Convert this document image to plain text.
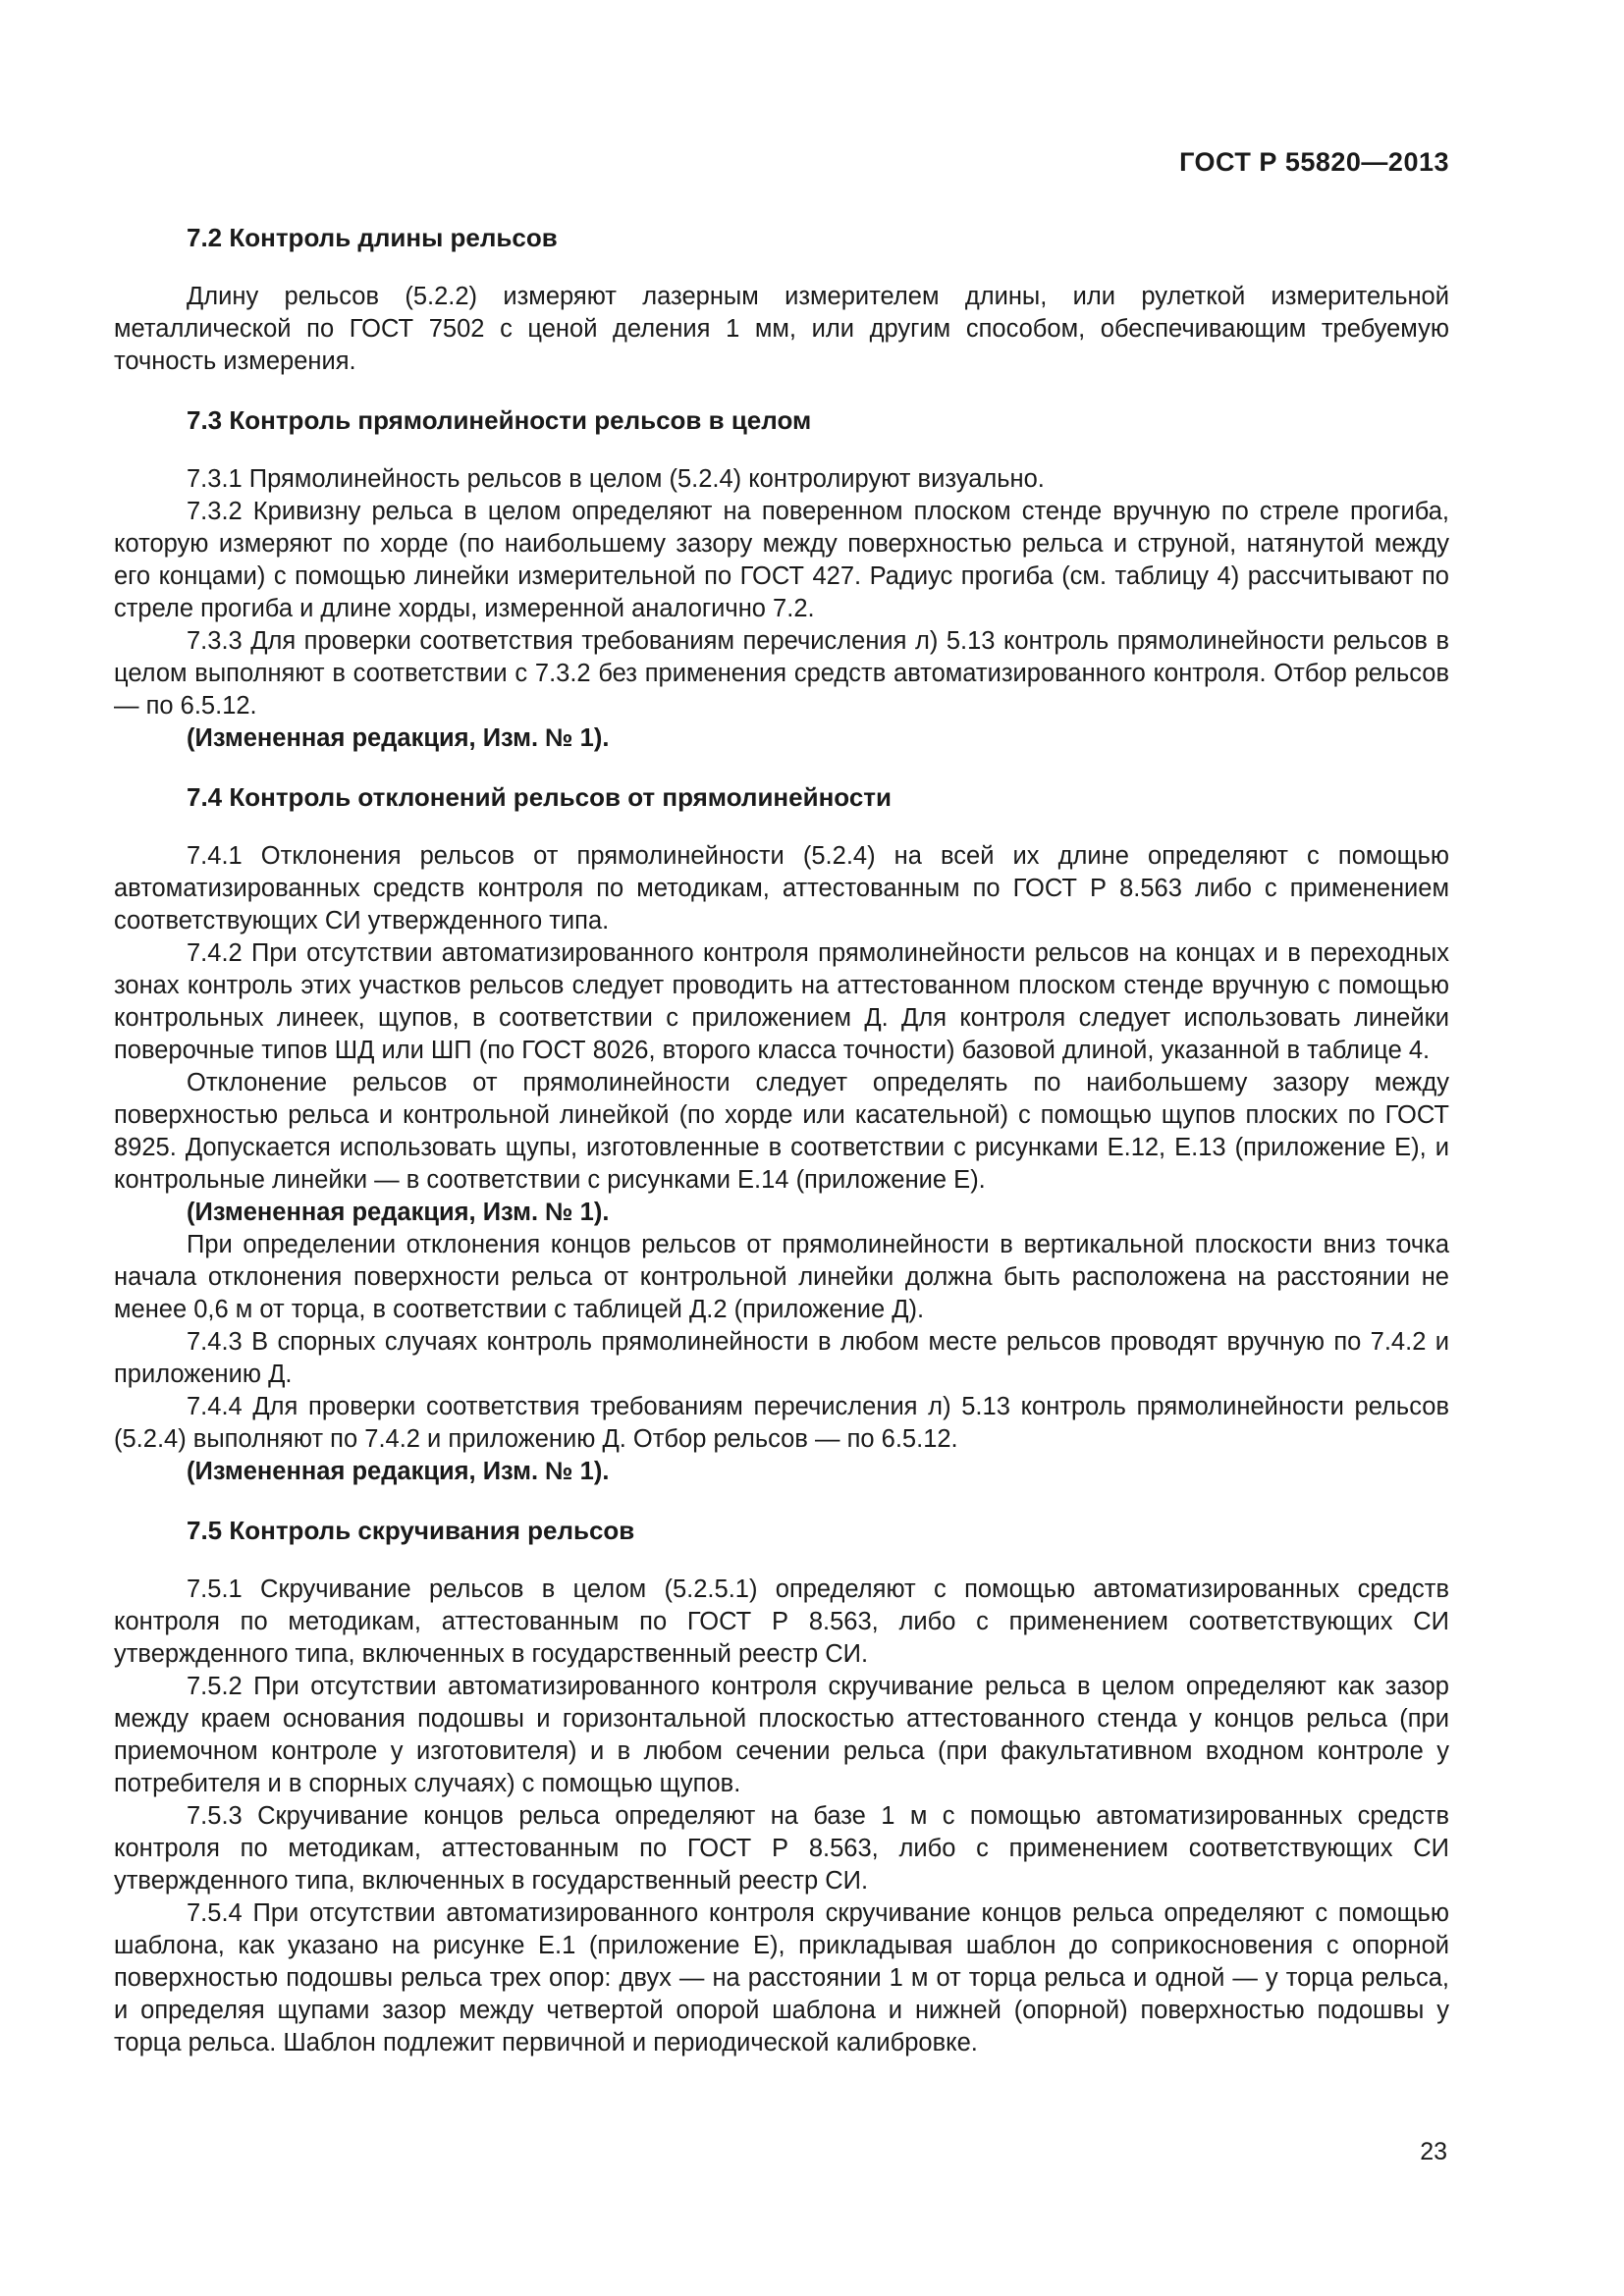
ГОСТ Р 55820—2013
7.2 Контроль длины рельсов

Длину рельсов (5.2.2) измеряют лазерным измерителем длины, или рулеткой измерительной металлической по ГОСТ 7502 с ценой деления 1 мм, или другим способом, обеспечивающим требуемую точность измерения.

7.3 Контроль прямолинейности рельсов в целом

7.3.1 Прямолинейность рельсов в целом (5.2.4) контролируют визуально.

7.3.2 Кривизну рельса в целом определяют на поверенном плоском стенде вручную по стреле прогиба, которую измеряют по хорде (по наибольшему зазору между поверхностью рельса и струной, натянутой между его концами) с помощью линейки измерительной по ГОСТ 427. Радиус прогиба (см. таблицу 4) рассчитывают по стреле прогиба и длине хорды, измеренной аналогично 7.2.

7.3.3 Для проверки соответствия требованиям перечисления л) 5.13 контроль прямолинейности рельсов в целом выполняют в соответствии с 7.3.2 без применения средств автоматизированного контроля. Отбор рельсов — по 6.5.12.

(Измененная редакция, Изм. № 1).

7.4 Контроль отклонений рельсов от прямолинейности

7.4.1 Отклонения рельсов от прямолинейности (5.2.4) на всей их длине определяют с помощью автоматизированных средств контроля по методикам, аттестованным по ГОСТ Р 8.563 либо с применением соответствующих СИ утвержденного типа.

7.4.2 При отсутствии автоматизированного контроля прямолинейности рельсов на концах и в переходных зонах контроль этих участков рельсов следует проводить на аттестованном плоском стенде вручную с помощью контрольных линеек, щупов, в соответствии с приложением Д. Для контроля следует использовать линейки поверочные типов ШД или ШП (по ГОСТ 8026, второго класса точности) базовой длиной, указанной в таблице 4.

Отклонение рельсов от прямолинейности следует определять по наибольшему зазору между поверхностью рельса и контрольной линейкой (по хорде или касательной) с помощью щупов плоских по ГОСТ 8925. Допускается использовать щупы, изготовленные в соответствии с рисунками Е.12, Е.13 (приложение Е), и контрольные линейки — в соответствии с рисунками Е.14 (приложение Е).

(Измененная редакция, Изм. № 1).

При определении отклонения концов рельсов от прямолинейности в вертикальной плоскости вниз точка начала отклонения поверхности рельса от контрольной линейки должна быть расположена на расстоянии не менее 0,6 м от торца, в соответствии с таблицей Д.2 (приложение Д).

7.4.3 В спорных случаях контроль прямолинейности в любом месте рельсов проводят вручную по 7.4.2 и приложению Д.

7.4.4 Для проверки соответствия требованиям перечисления л) 5.13 контроль прямолинейности рельсов (5.2.4) выполняют по 7.4.2 и приложению Д. Отбор рельсов — по 6.5.12.

(Измененная редакция, Изм. № 1).

7.5 Контроль скручивания рельсов

7.5.1 Скручивание рельсов в целом (5.2.5.1) определяют с помощью автоматизированных средств контроля по методикам, аттестованным по ГОСТ Р 8.563, либо с применением соответствующих СИ утвержденного типа, включенных в государственный реестр СИ.

7.5.2 При отсутствии автоматизированного контроля скручивание рельса в целом определяют как зазор между краем основания подошвы и горизонтальной плоскостью аттестованного стенда у концов рельса (при приемочном контроле у изготовителя) и в любом сечении рельса (при факультативном входном контроле у потребителя и в спорных случаях) с помощью щупов.

7.5.3 Скручивание концов рельса определяют на базе 1 м с помощью автоматизированных средств контроля по методикам, аттестованным по ГОСТ Р 8.563, либо с применением соответствующих СИ утвержденного типа, включенных в государственный реестр СИ.

7.5.4 При отсутствии автоматизированного контроля скручивание концов рельса определяют с помощью шаблона, как указано на рисунке Е.1 (приложение Е), прикладывая шаблон до соприкосновения с опорной поверхностью подошвы рельса трех опор: двух — на расстоянии 1 м от торца рельса и одной — у торца рельса, и определяя щупами зазор между четвертой опорой шаблона и нижней (опорной) поверхностью подошвы у торца рельса. Шаблон подлежит первичной и периодической калибровке.

23
